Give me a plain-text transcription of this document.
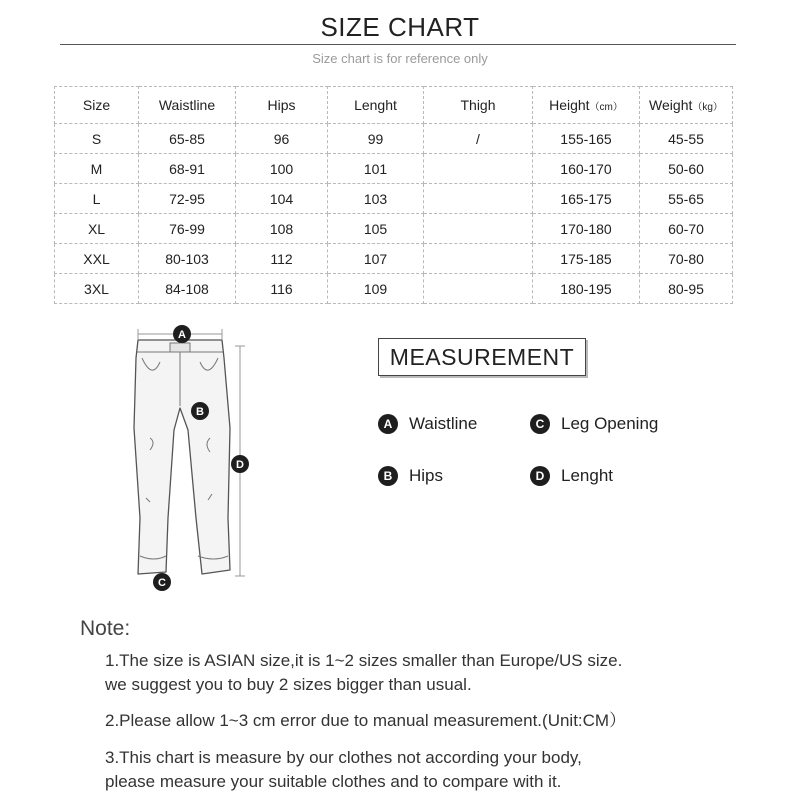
SIZE CHART
Size chart is for reference only
Size	Waistline	Hips	Lenght	Thigh	Height（cm）	Weight（kg）
S	65-85	96	99	/	155-165	45-55
M	68-91	100	101		160-170	50-60
L	72-95	104	103		165-175	55-65
XL	76-99	108	105		170-180	60-70
XXL	80-103	112	107		175-185	70-80
3XL	84-108	116	109		180-195	80-95
A
B
D
C
MEASUREMENT
A Waistline	C Leg Opening
B Hips	D Lenght
Note:
1.The size is ASIAN size,it is 1~2 sizes smaller than Europe/US size.
we suggest you to buy 2 sizes bigger than usual.
2.Please allow 1~3 cm error due to manual measurement.(Unit:CM）
3.This chart is measure by our clothes not according your body,
please measure your suitable clothes and to compare with it.
